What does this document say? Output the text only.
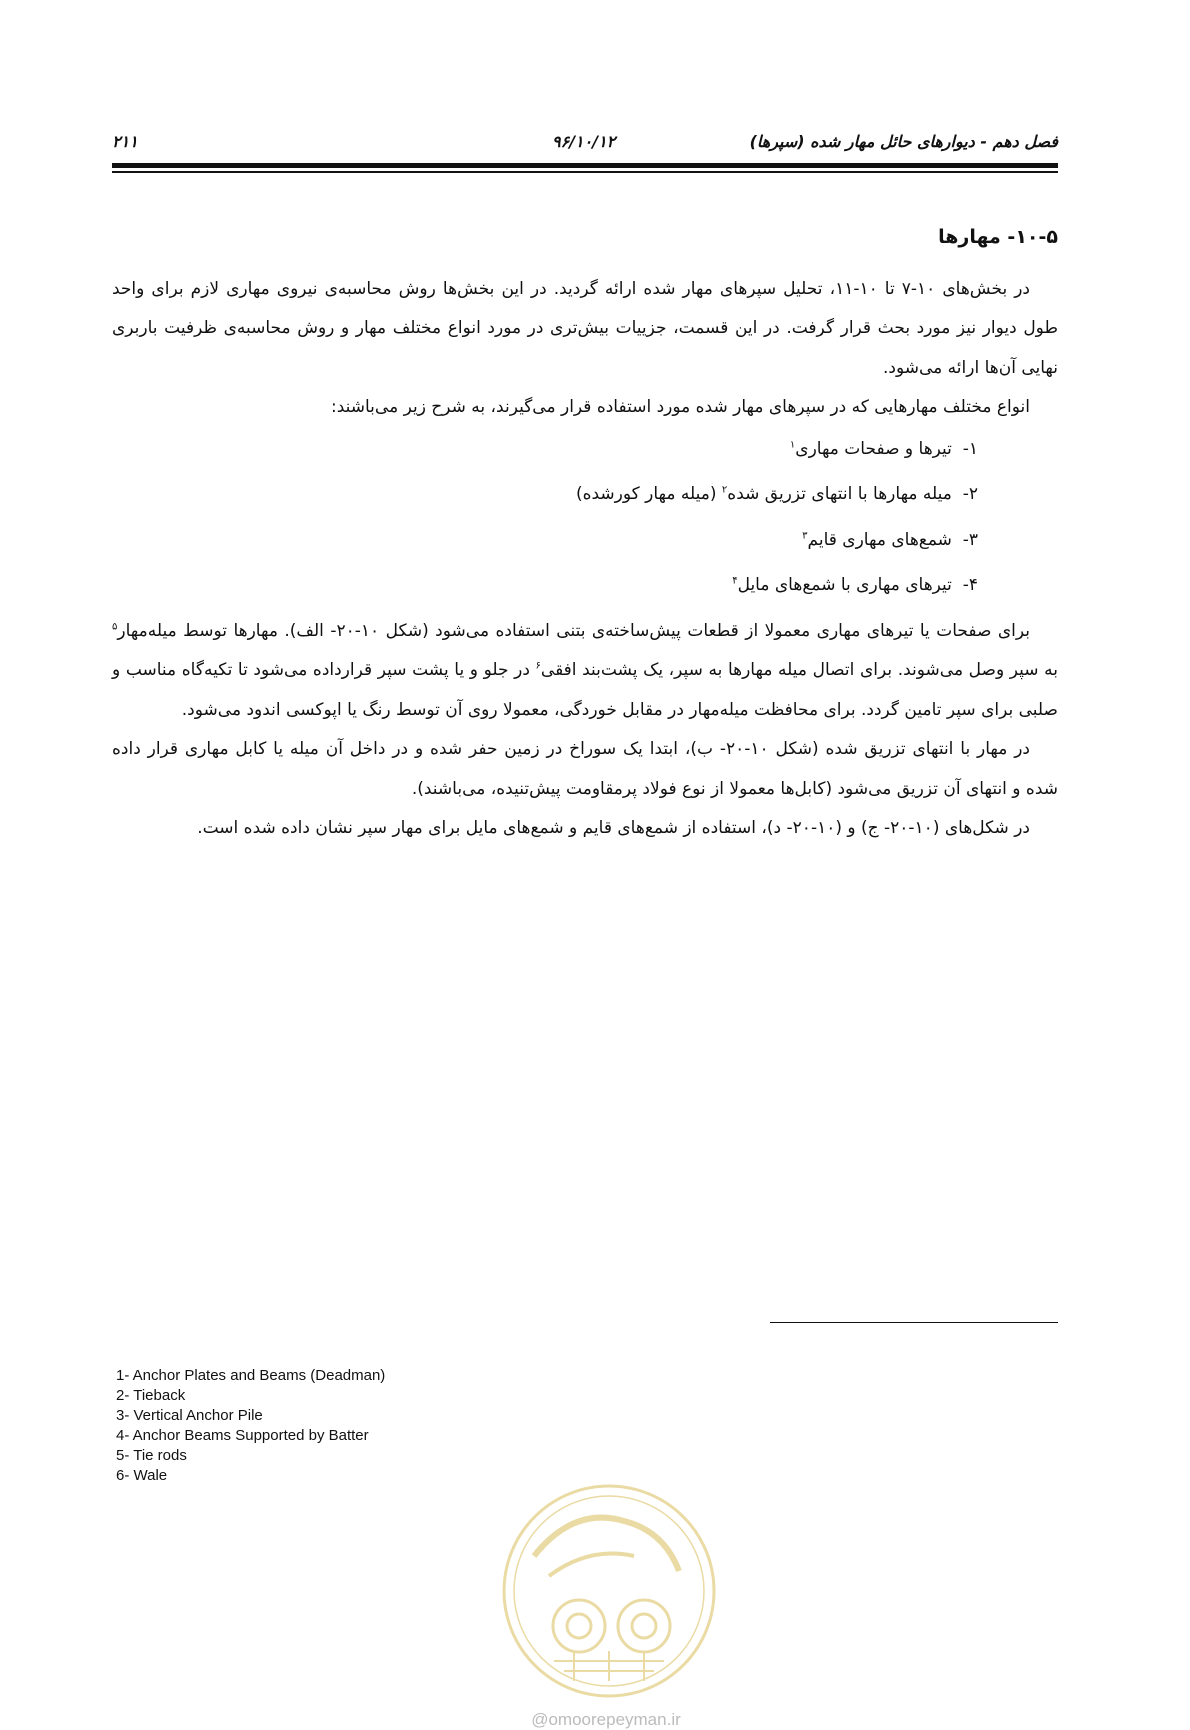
۲۱۱	۹۶/۱۰/۱۲	فصل دهم - دیوارهای حائل مهار شده (سپرها)
۱۰-۵- مهارها

در بخش‌های ۱۰-۷ تا ۱۰-۱۱، تحلیل سپرهای مهار شده ارائه گردید. در این بخش‌ها روش محاسبه‌ی نیروی مهاری لازم برای واحد طول دیوار نیز مورد بحث قرار گرفت. در این قسمت، جزییات بیش‌تری در مورد انواع مختلف مهار و روش محاسبه‌ی ظرفیت باربری نهایی آن‌ها ارائه می‌شود.

انواع مختلف مهارهایی که در سپرهای مهار شده مورد استفاده قرار می‌گیرند، به شرح زیر می‌باشند:

۱-  تیرها و صفحات مهاری$^۱$
۲-  میله مهارها با انتهای تزریق شده$^۲$ (میله مهار کورشده)
۳-  شمع‌های مهاری قایم$^۳$
۴-  تیرهای مهاری با شمع‌های مایل$^۴$

برای صفحات یا تیرهای مهاری معمولا از قطعات پیش‌ساخته‌ی بتنی استفاده می‌شود (شکل ۱۰-۲۰- الف). مهارها توسط میله‌مهار$^۵$ به سپر وصل می‌شوند. برای اتصال میله مهارها به سپر، یک پشت‌بند افقی$^۶$ در جلو و یا پشت سپر قرارداده می‌شود تا تکیه‌گاه مناسب و صلبی برای سپر تامین گردد. برای محافظت میله‌مهار در مقابل خوردگی، معمولا روی آن توسط رنگ یا اپوکسی اندود می‌شود.

در مهار با انتهای تزریق شده (شکل ۱۰-۲۰- ب)، ابتدا یک سوراخ در زمین حفر شده و در داخل آن میله یا کابل مهاری قرار داده شده و انتهای آن تزریق می‌شود (کابل‌ها معمولا از نوع فولاد پرمقاومت پیش‌تنیده، می‌باشند).

در شکل‌های (۱۰-۲۰- ج) و (۱۰-۲۰- د)، استفاده از شمع‌های قایم و شمع‌های مایل برای مهار سپر نشان داده شده است.

1- Anchor Plates and Beams (Deadman)
2- Tieback
3- Vertical Anchor Pile
4- Anchor Beams Supported by Batter
5- Tie rods
6- Wale
@omoorepeyman.ir
